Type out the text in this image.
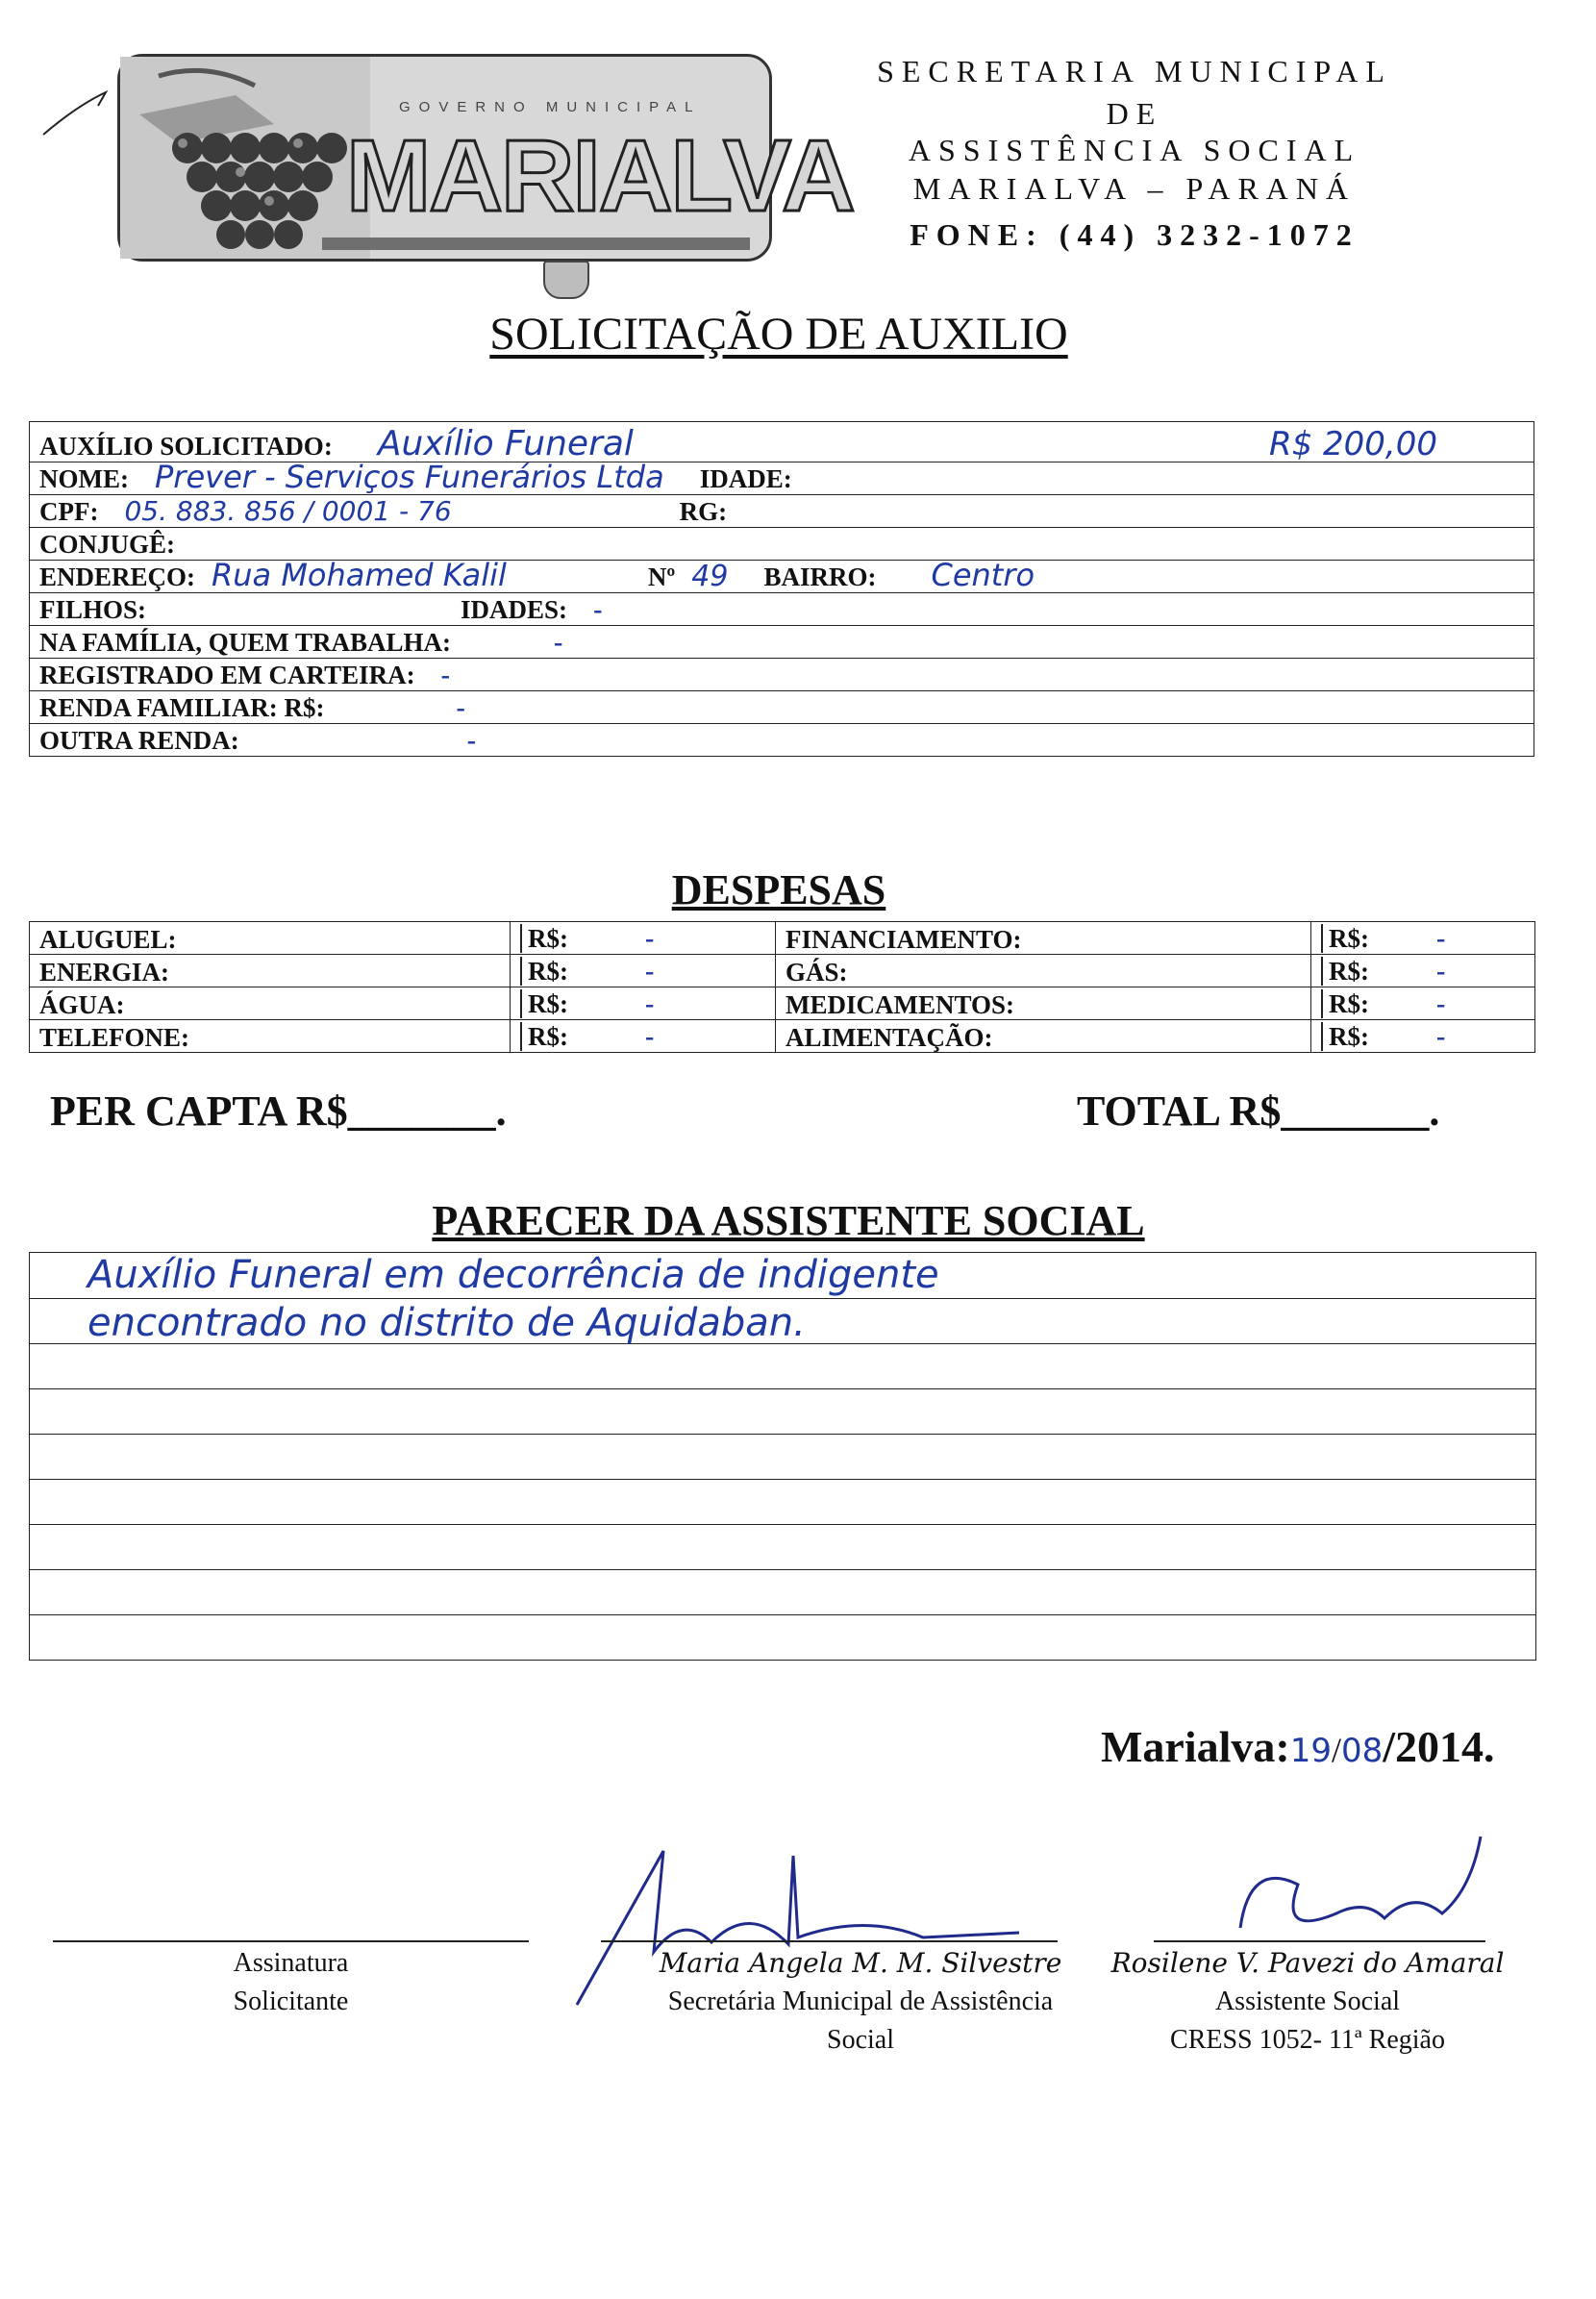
GOVERNO MUNICIPAL
MARIALVA
SECRETARIA MUNICIPAL
DE
ASSISTÊNCIA SOCIAL
MARIALVA – PARANÁ
FONE: (44) 3232-1072
SOLICITAÇÃO DE AUXILIO
AUXÍLIO SOLICITADO: Auxílio Funeral	R$ 200,00

NOME: Prever - Serviços Funerários Ltda IDADE:
CPF: 05. 883. 856 / 0001 - 76	RG:
CONJUGÊ:
ENDEREÇO: Rua Mohamed Kalil	Nº 49 BAIRRO: Centro
FILHOS:	IDADES: -
NA FAMÍLIA, QUEM TRABALHA:	-
REGISTRADO EM CARTEIRA: -
RENDA FAMILIAR: R$:	-
OUTRA RENDA:	-
DESPESAS
ALUGUEL:	R$: -	FINANCIAMENTO:	R$: -
ENERGIA:	R$: -	GÁS:	R$: -
ÁGUA:	R$: -	MEDICAMENTOS:	R$: -
TELEFONE:	R$: -	ALIMENTAÇÃO:	R$: -
PER CAPTA R$_______.	TOTAL R$_______.
PARECER DA ASSISTENTE SOCIAL
Auxílio Funeral em decorrência de indigente
encontrado no distrito de Aquidaban.
Marialva:19/08/2014.
Assinatura
Solicitante
Maria Angela M. M. Silvestre
Secretária Municipal de Assistência
Social
Rosilene V. Pavezi do Amaral
Assistente Social
CRESS 1052- 11ª Região
